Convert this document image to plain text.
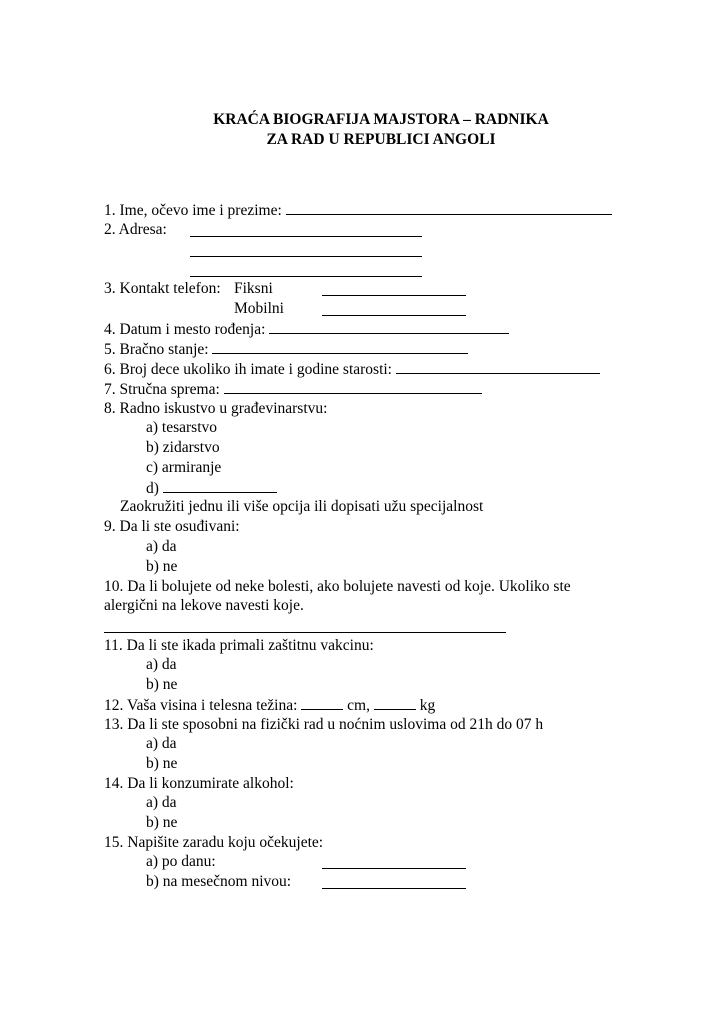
KRAĆA BIOGRAFIJA MAJSTORA – RADNIKA
ZA RAD U REPUBLICI ANGOLI
1. Ime, očevo ime i prezime:
2. Adresa:
3. Kontakt telefon: Fiksni
Mobilni
4. Datum i mesto rođenja:
5. Bračno stanje:
6. Broj dece ukoliko ih imate i godine starosti:
7. Stručna sprema:
8. Radno iskustvo u građevinarstvu:
a) tesarstvo
b) zidarstvo
c) armiranje
d)
Zaokružiti jednu ili više opcija ili dopisati užu specijalnost
9. Da li ste osuđivani:
a) da
b) ne
10. Da li bolujete od neke bolesti, ako bolujete navesti od koje. Ukoliko ste
alergični na lekove navesti koje.
11. Da li ste ikada primali zaštitnu vakcinu:
a) da
b) ne
12. Vaša visina i telesna težina:	cm,	kg
13. Da li ste sposobni na fizički rad u noćnim uslovima od 21h do 07 h
a) da
b) ne
14. Da li konzumirate alkohol:
a) da
b) ne
15. Napišite zaradu koju očekujete:
a) po danu:
b) na mesečnom nivou:
